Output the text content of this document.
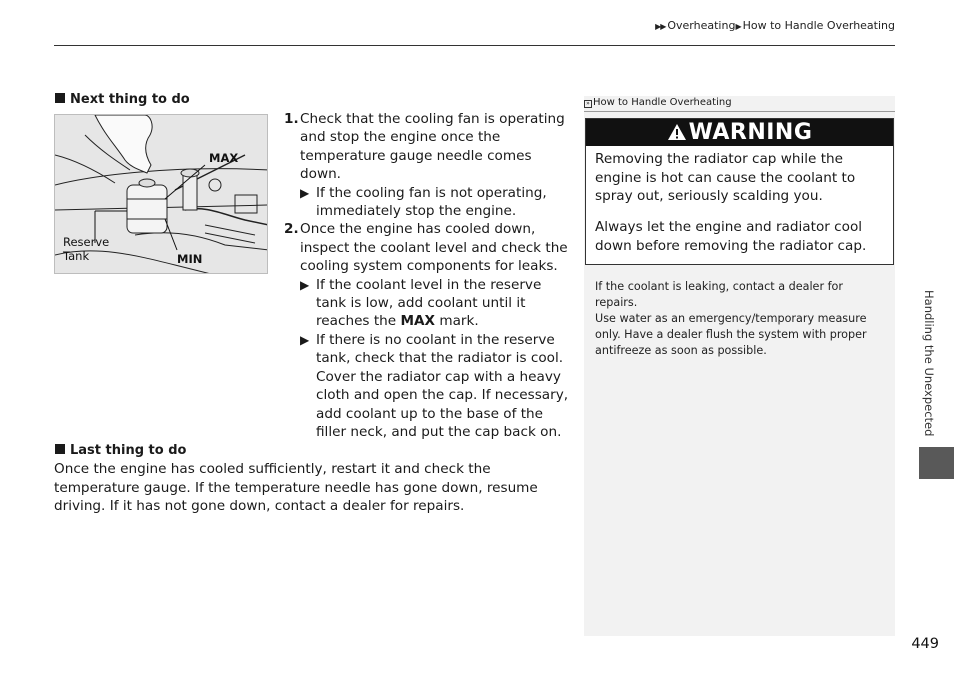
▶▶ Overheating▶ How to Handle Overheating
Next thing to do
MAX
Reserve
Tank	MIN
1. Check that the cooling fan is operating and stop the engine once the temperature gauge needle comes down.
▶ If the cooling fan is not operating, immediately stop the engine.
2. Once the engine has cooled down, inspect the coolant level and check the cooling system components for leaks.
▶ If the coolant level in the reserve tank is low, add coolant until it reaches the MAX mark.
▶ If there is no coolant in the reserve tank, check that the radiator is cool. Cover the radiator cap with a heavy cloth and open the cap. If necessary, add coolant up to the base of the filler neck, and put the cap back on.
Last thing to do
Once the engine has cooled sufficiently, restart it and check the temperature gauge. If the temperature needle has gone down, resume driving. If it has not gone down, contact a dealer for repairs.
» How to Handle Overheating
WARNING
Removing the radiator cap while the engine is hot can cause the coolant to spray out, seriously scalding you.
Always let the engine and radiator cool down before removing the radiator cap.
If the coolant is leaking, contact a dealer for repairs.
Use water as an emergency/temporary measure only. Have a dealer flush the system with proper antifreeze as soon as possible.	Handling the Unexpected
449
